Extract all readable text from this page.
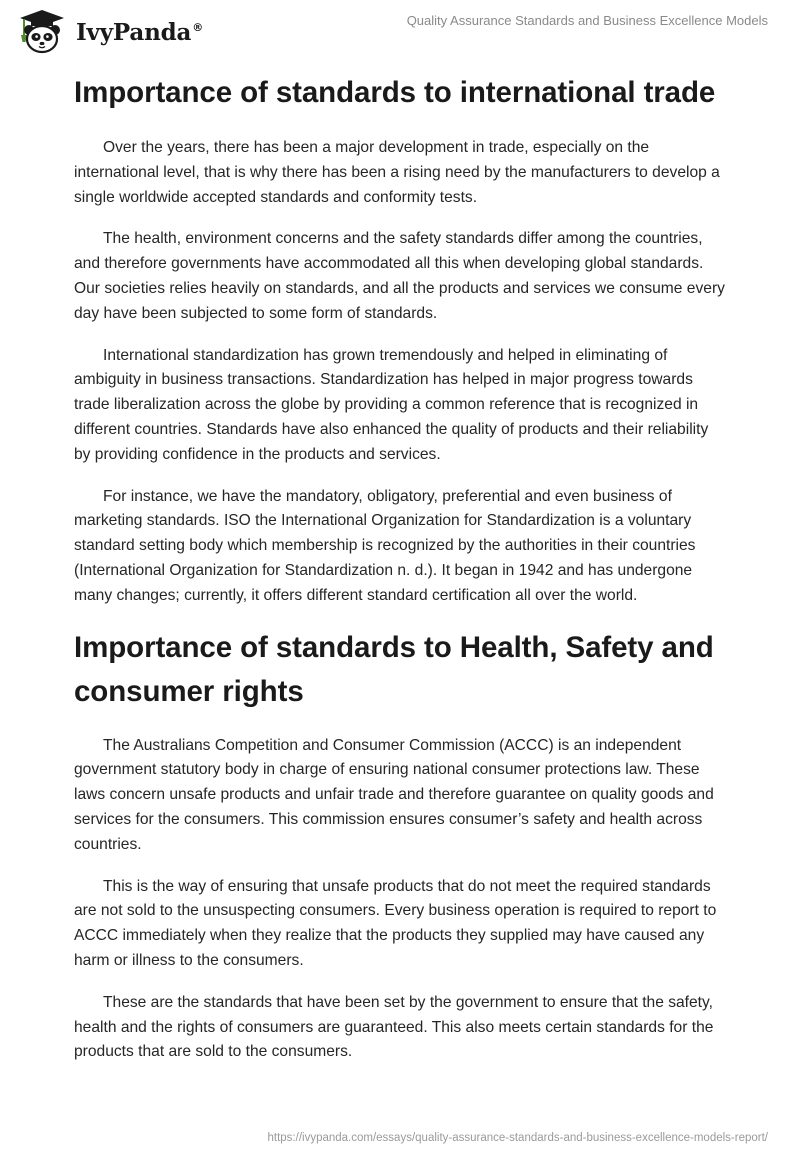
IvyPanda®	Quality Assurance Standards and Business Excellence Models
Importance of standards to international trade

Over the years, there has been a major development in trade, especially on the international level, that is why there has been a rising need by the manufacturers to develop a single worldwide accepted standards and conformity tests.

The health, environment concerns and the safety standards differ among the countries, and therefore governments have accommodated all this when developing global standards. Our societies relies heavily on standards, and all the products and services we consume every day have been subjected to some form of standards.

International standardization has grown tremendously and helped in eliminating of ambiguity in business transactions. Standardization has helped in major progress towards trade liberalization across the globe by providing a common reference that is recognized in different countries. Standards have also enhanced the quality of products and their reliability by providing confidence in the products and services.

For instance, we have the mandatory, obligatory, preferential and even business of marketing standards. ISO the International Organization for Standardization is a voluntary standard setting body which membership is recognized by the authorities in their countries (International Organization for Standardization n. d.). It began in 1942 and has undergone many changes; currently, it offers different standard certification all over the world.

Importance of standards to Health, Safety and consumer rights

The Australians Competition and Consumer Commission (ACCC) is an independent government statutory body in charge of ensuring national consumer protections law. These laws concern unsafe products and unfair trade and therefore guarantee on quality goods and services for the consumers. This commission ensures consumer’s safety and health across countries.

This is the way of ensuring that unsafe products that do not meet the required standards are not sold to the unsuspecting consumers. Every business operation is required to report to ACCC immediately when they realize that the products they supplied may have caused any harm or illness to the consumers.

These are the standards that have been set by the government to ensure that the safety, health and the rights of consumers are guaranteed. This also meets certain standards for the products that are sold to the consumers.

https://ivypanda.com/essays/quality-assurance-standards-and-business-excellence-models-report/
